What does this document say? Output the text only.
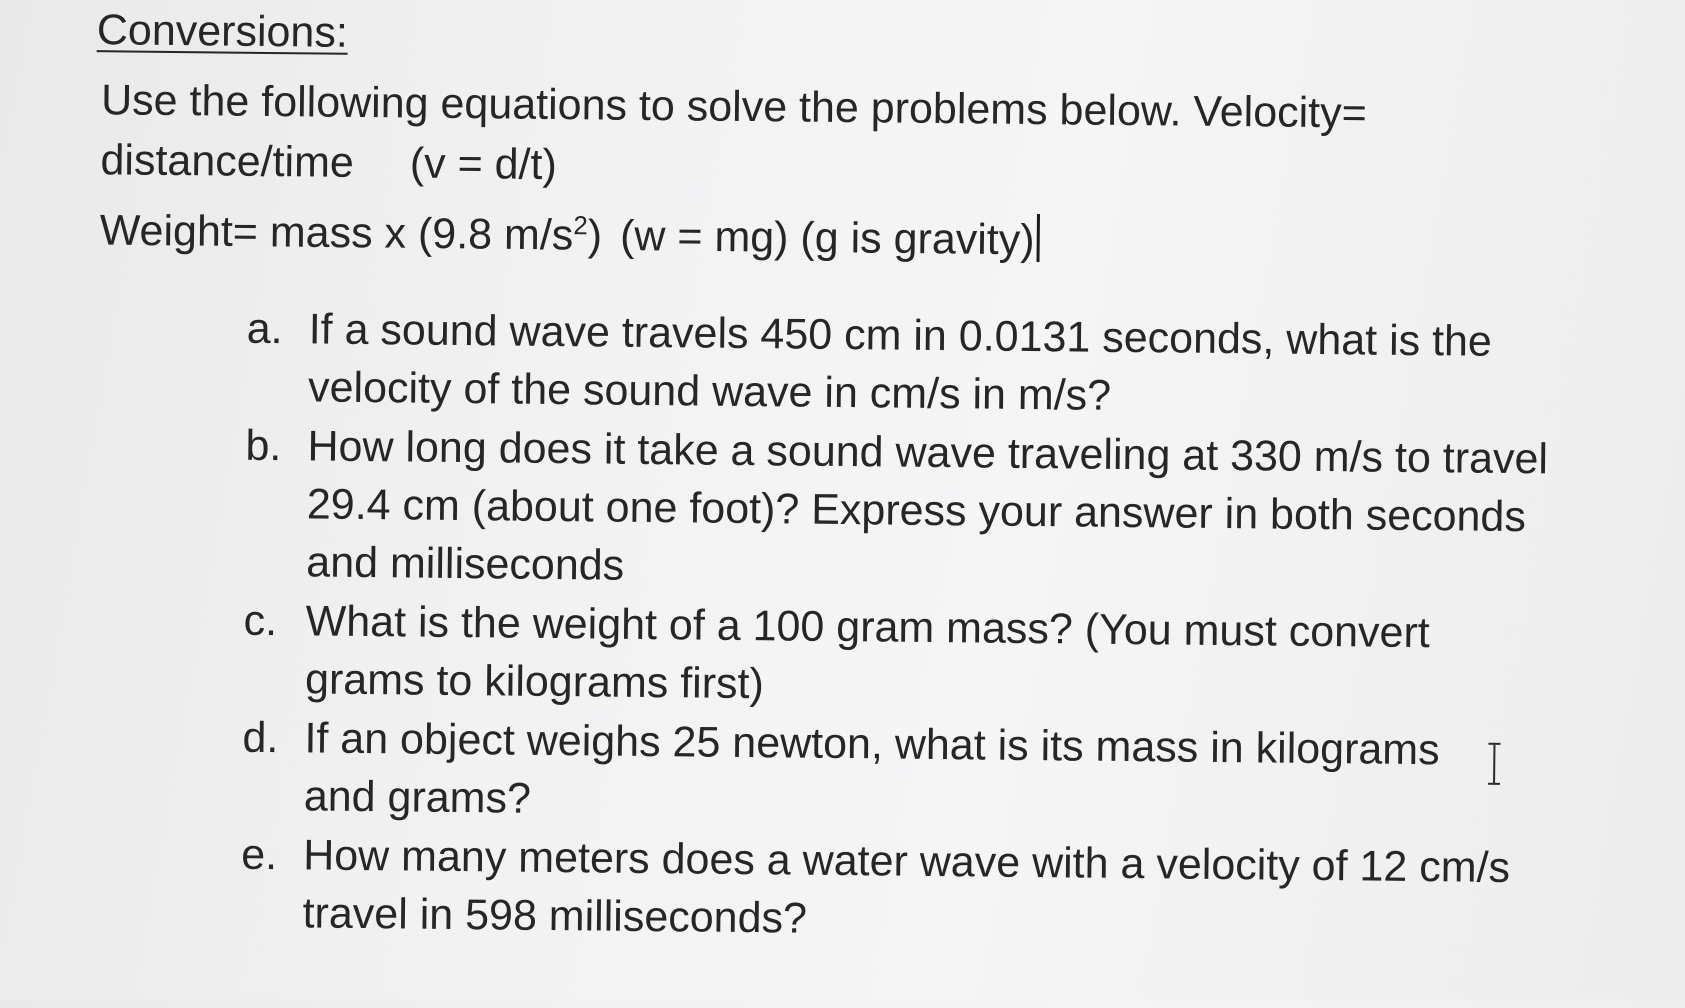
Conversions:

Use the following equations to solve the problems below. Velocity=
distance/time (v = d/t)
Weight= mass x (9.8 $m/s^2$) (w = mg) (g is gravity)

a. If a sound wave travels 450 cm in 0.0131 seconds, what is the velocity of the sound wave in cm/s in m/s?
b. How long does it take a sound wave traveling at 330 m/s to travel 29.4 cm (about one foot)? Express your answer in both seconds and milliseconds
c. What is the weight of a 100 gram mass? (You must convert grams to kilograms first)
d. If an object weighs 25 newton, what is its mass in kilograms and grams?
e. How many meters does a water wave with a velocity of 12 cm/s travel in 598 milliseconds?
